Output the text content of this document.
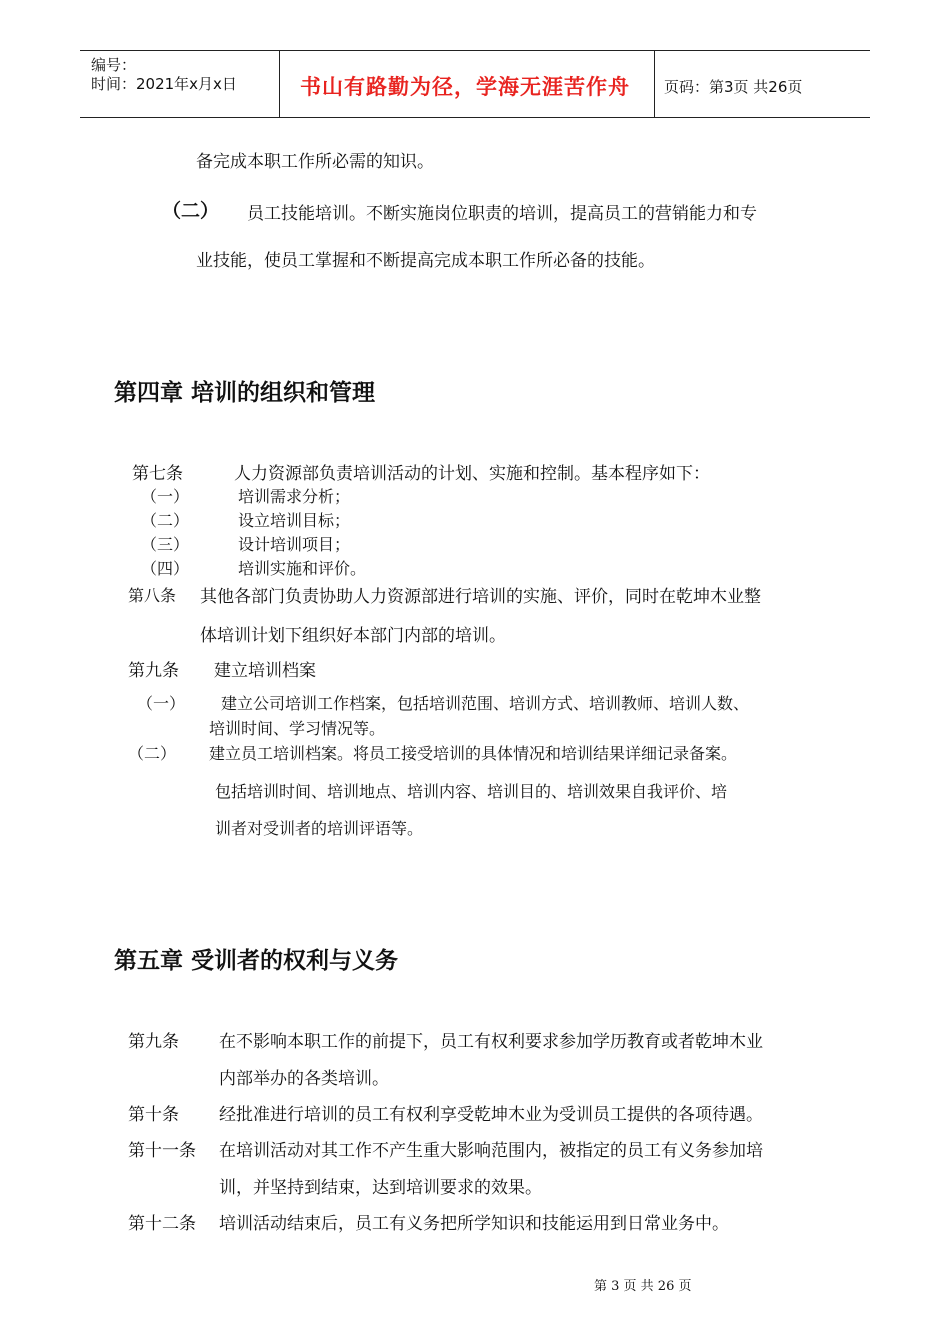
编号：
时间：2021年x月x日	书山有路勤为径，学海无涯苦作舟 页码：第3页 共26页
备完成本职工作所必需的知识。
（二） 员工技能培训。不断实施岗位职责的培训，提高员工的营销能力和专
业技能，使员工掌握和不断提高完成本职工作所必备的技能。
第四章 培训的组织和管理
第七条	人力资源部负责培训活动的计划、实施和控制。基本程序如下：
（一）	培训需求分析；
（二）	设立培训目标；
（三）	设计培训项目；
（四）	培训实施和评价。
第八条 其他各部门负责协助人力资源部进行培训的实施、评价，同时在乾坤木业整
体培训计划下组织好本部门内部的培训。
第九条 建立培训档案
（一） 建立公司培训工作档案，包括培训范围、培训方式、培训教师、培训人数、
培训时间、学习情况等。
（二） 建立员工培训档案。将员工接受培训的具体情况和培训结果详细记录备案。
包括培训时间、培训地点、培训内容、培训目的、培训效果自我评价、培
训者对受训者的培训评语等。
第五章 受训者的权利与义务
第九条 在不影响本职工作的前提下，员工有权利要求参加学历教育或者乾坤木业
内部举办的各类培训。
第十条 经批准进行培训的员工有权利享受乾坤木业为受训员工提供的各项待遇。
第十一条 在培训活动对其工作不产生重大影响范围内，被指定的员工有义务参加培
训，并坚持到结束，达到培训要求的效果。
第十二条 培训活动结束后，员工有义务把所学知识和技能运用到日常业务中。
第 3 页 共 26 页
